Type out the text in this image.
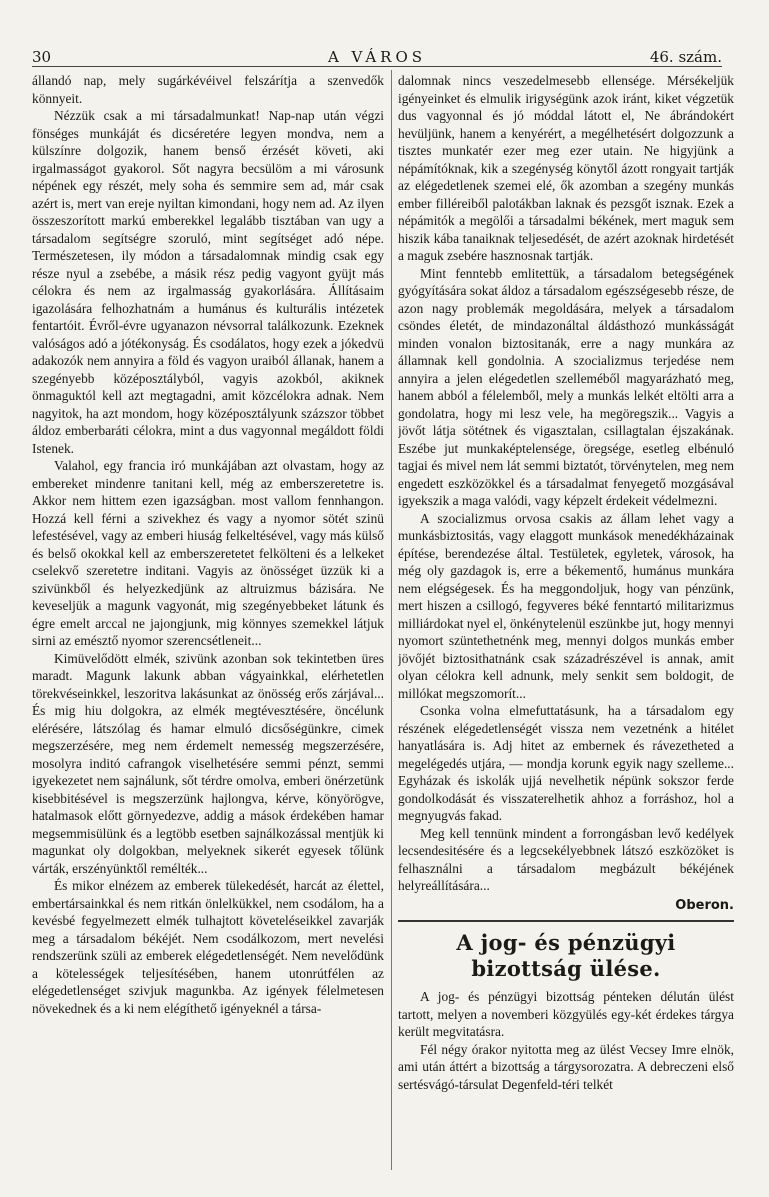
30	A VÁROS	46. szám.

állandó nap, mely sugárkévéivel felszárítja a szenvedők könnyeit.

Nézzük csak a mi társadalmunkat! Nap-nap után végzi fönséges munkáját és dicséretére legyen mondva, nem a külszínre dolgozik, hanem benső érzését követi, aki irgalmasságot gyakorol. Sőt nagyra becsülöm a mi városunk népének egy részét, mely soha és semmire sem ad, már csak azért is, mert van ereje nyiltan kimondani, hogy nem ad. Az ilyen összeszorított markú emberekkel legalább tisztában van ugy a társadalom segítségre szoruló, mint segítséget adó népe. Természetesen, ily módon a társadalomnak mindig csak egy része nyul a zsebébe, a másik rész pedig vagyont gyüjt más célokra és nem az irgalmasság gyakorlására. Állításaim igazolására felhozhatnám a humánus és kulturális intézetek fentartóit. Évről-évre ugyanazon névsorral találkozunk. Ezeknek valóságos adó a jótékonyság. És csodálatos, hogy ezek a jókedvü adakozók nem annyira a föld és vagyon uraiból állanak, hanem a szegényebb középosztályból, vagyis azokból, akiknek önmaguktól kell azt megtagadni, amit közcélokra adnak. Nem nagyitok, ha azt mondom, hogy középosztályunk százszor többet áldoz emberbaráti célokra, mint a dus vagyonnal megáldott földi Istenek.

Valahol, egy francia iró munkájában azt olvastam, hogy az embereket mindenre tanitani kell, még az emberszeretetre is. Akkor nem hittem ezen igazságban. most vallom fennhangon. Hozzá kell férni a szivekhez és vagy a nyomor sötét szinü lefestésével, vagy az emberi hiuság felkeltésével, vagy más külső és belső okokkal kell az emberszeretetet felkölteni és a lelkeket cselekvő szeretetre inditani. Vagyis az önösséget üzzük ki a szivünkből és helyezkedjünk az altruizmus bázisára. Ne keveseljük a magunk vagyonát, mig szegényebbeket látunk és égre emelt arccal ne jajongjunk, mig könnyes szemekkel látjuk sirni az emésztő nyomor szerencsétleneit...

Kimüvelődött elmék, szivünk azonban sok tekintetben üres maradt. Magunk lakunk abban vágyainkkal, elérhetetlen törekvéseinkkel, leszoritva lakásunkat az önösség erős zárjával... És mig hiu dolgokra, az elmék megtévesztésére, öncélunk elérésére, látszólag és hamar elmuló dicsőségünkre, cimek megszerzésére, meg nem érdemelt nemesség megszerzésére, mosolyra inditó cafrangok viselhetésére semmi pénzt, semmi igyekezetet nem sajnálunk, sőt térdre omolva, emberi önérzetünk kisebbitésével is megszerzünk hajlongva, kérve, könyörögve, hatalmasok előtt görnyedezve, addig a mások érdekében hamar megsemmisülünk és a legtöbb esetben sajnálkozással mentjük ki magunkat oly dolgokban, melyeknek sikerét egyesek tőlünk várták, erszényünktől remélték...

És mikor elnézem az emberek tülekedését, harcát az élettel, embertársainkkal és nem ritkán önlelkükkel, nem csodálom, ha a kevésbé fegyelmezett elmék tulhajtott követeléseikkel zavarják meg a társadalom békéjét. Nem csodálkozom, mert nevelési rendszerünk szüli az emberek elégedetlenségét. Nem nevelődünk a kötelességek teljesítésében, hanem utonrútfélen az elégedetlenséget szivjuk magunkba. Az igények félelmetesen növekednek és a ki nem elégíthető igényeknél a társa-

dalomnak nincs veszedelmesebb ellensége. Mérsékeljük igényeinket és elmulik irigységünk azok iránt, kiket végzetük dus vagyonnal és jó móddal látott el, Ne ábrándokért hevüljünk, hanem a kenyérért, a megélhetésért dolgozzunk a tisztes munkatér ezer meg ezer utain. Ne higyjünk a népámítóknak, kik a szegénység könytől ázott rongyait tartják az elégedetlenek szemei elé, ők azomban a szegény munkás ember filléreiből palotákban laknak és pezsgőt isznak. Ezek a népámitók a megölői a társadalmi békének, mert maguk sem hiszik kába tanaiknak teljesedését, de azért azoknak hirdetését a maguk zsebére hasznosnak tartják.

Mint fenntebb emlitettük, a társadalom betegségének gyógyítására sokat áldoz a társadalom egészségesebb része, de azon nagy problemák megoldására, melyek a társadalom csöndes életét, de mindazonáltal áldásthozó munkásságát minden vonalon biztositanák, erre a nagy munkára az államnak kell gondolnia. A szocializmus terjedése nem annyira a jelen elégedetlen szelleméből magyarázható meg, hanem abból a félelemből, mely a munkás lelkét eltölti arra a gondolatra, hogy mi lesz vele, ha megöregszik... Vagyis a jövőt látja sötétnek és vigasztalan, csillagtalan éjszakának. Eszébe jut munkaképtelensége, öregsége, esetleg elbénuló tagjai és mivel nem lát semmi biztatót, törvénytelen, meg nem engedett eszközökkel és a társadalmat fenyegető mozgásával igyekszik a maga valódi, vagy képzelt érdekeit védelmezni.

A szocializmus orvosa csakis az állam lehet vagy a munkásbiztositás, vagy elaggott munkások menedékházainak építése, berendezése által. Testületek, egyletek, városok, ha még oly gazdagok is, erre a békementő, humánus munkára nem elégségesek. És ha meggondoljuk, hogy van pénzünk, mert hiszen a csillogó, fegyveres béké fenntartó militarizmus milliárdokat nyel el, önkénytelenül eszünkbe jut, hogy mennyi nyomort szüntethetnénk meg, mennyi dolgos munkás ember jövőjét biztosithatnánk csak századrészével is annak, amit olyan célokra kell adnunk, mely senkit sem boldogit, de millókat megszomorít...

Csonka volna elmefuttatásunk, ha a társadalom egy részének elégedetlenségét vissza nem vezetnénk a hitélet hanyatlására is. Adj hitet az embernek és rávezetheted a megelégedés utjára, — mondja korunk egyik nagy szelleme... Egyházak és iskolák ujjá nevelhetik népünk sokszor ferde gondolkodását és visszaterelhetik ahhoz a forráshoz, hol a megnyugvás fakad.

Meg kell tennünk mindent a forrongásban levő kedélyek lecsendesitésére és a legcsekélyebbnek látszó eszközöket is felhasználni a társadalom megbázult békéjének helyreállítására...

Oberon.
A jog- és pénzügyi bizottság ülése.

A jog- és pénzügyi bizottság pénteken délután ülést tartott, melyen a novemberi közgyülés egy-két érdekes tárgya került megvitatásra.

Fél négy órakor nyitotta meg az ülést Vecsey Imre elnök, ami után áttért a bizottság a tárgysorozatra. A debreczeni első sertésvágó-társulat Degenfeld-téri telkét
